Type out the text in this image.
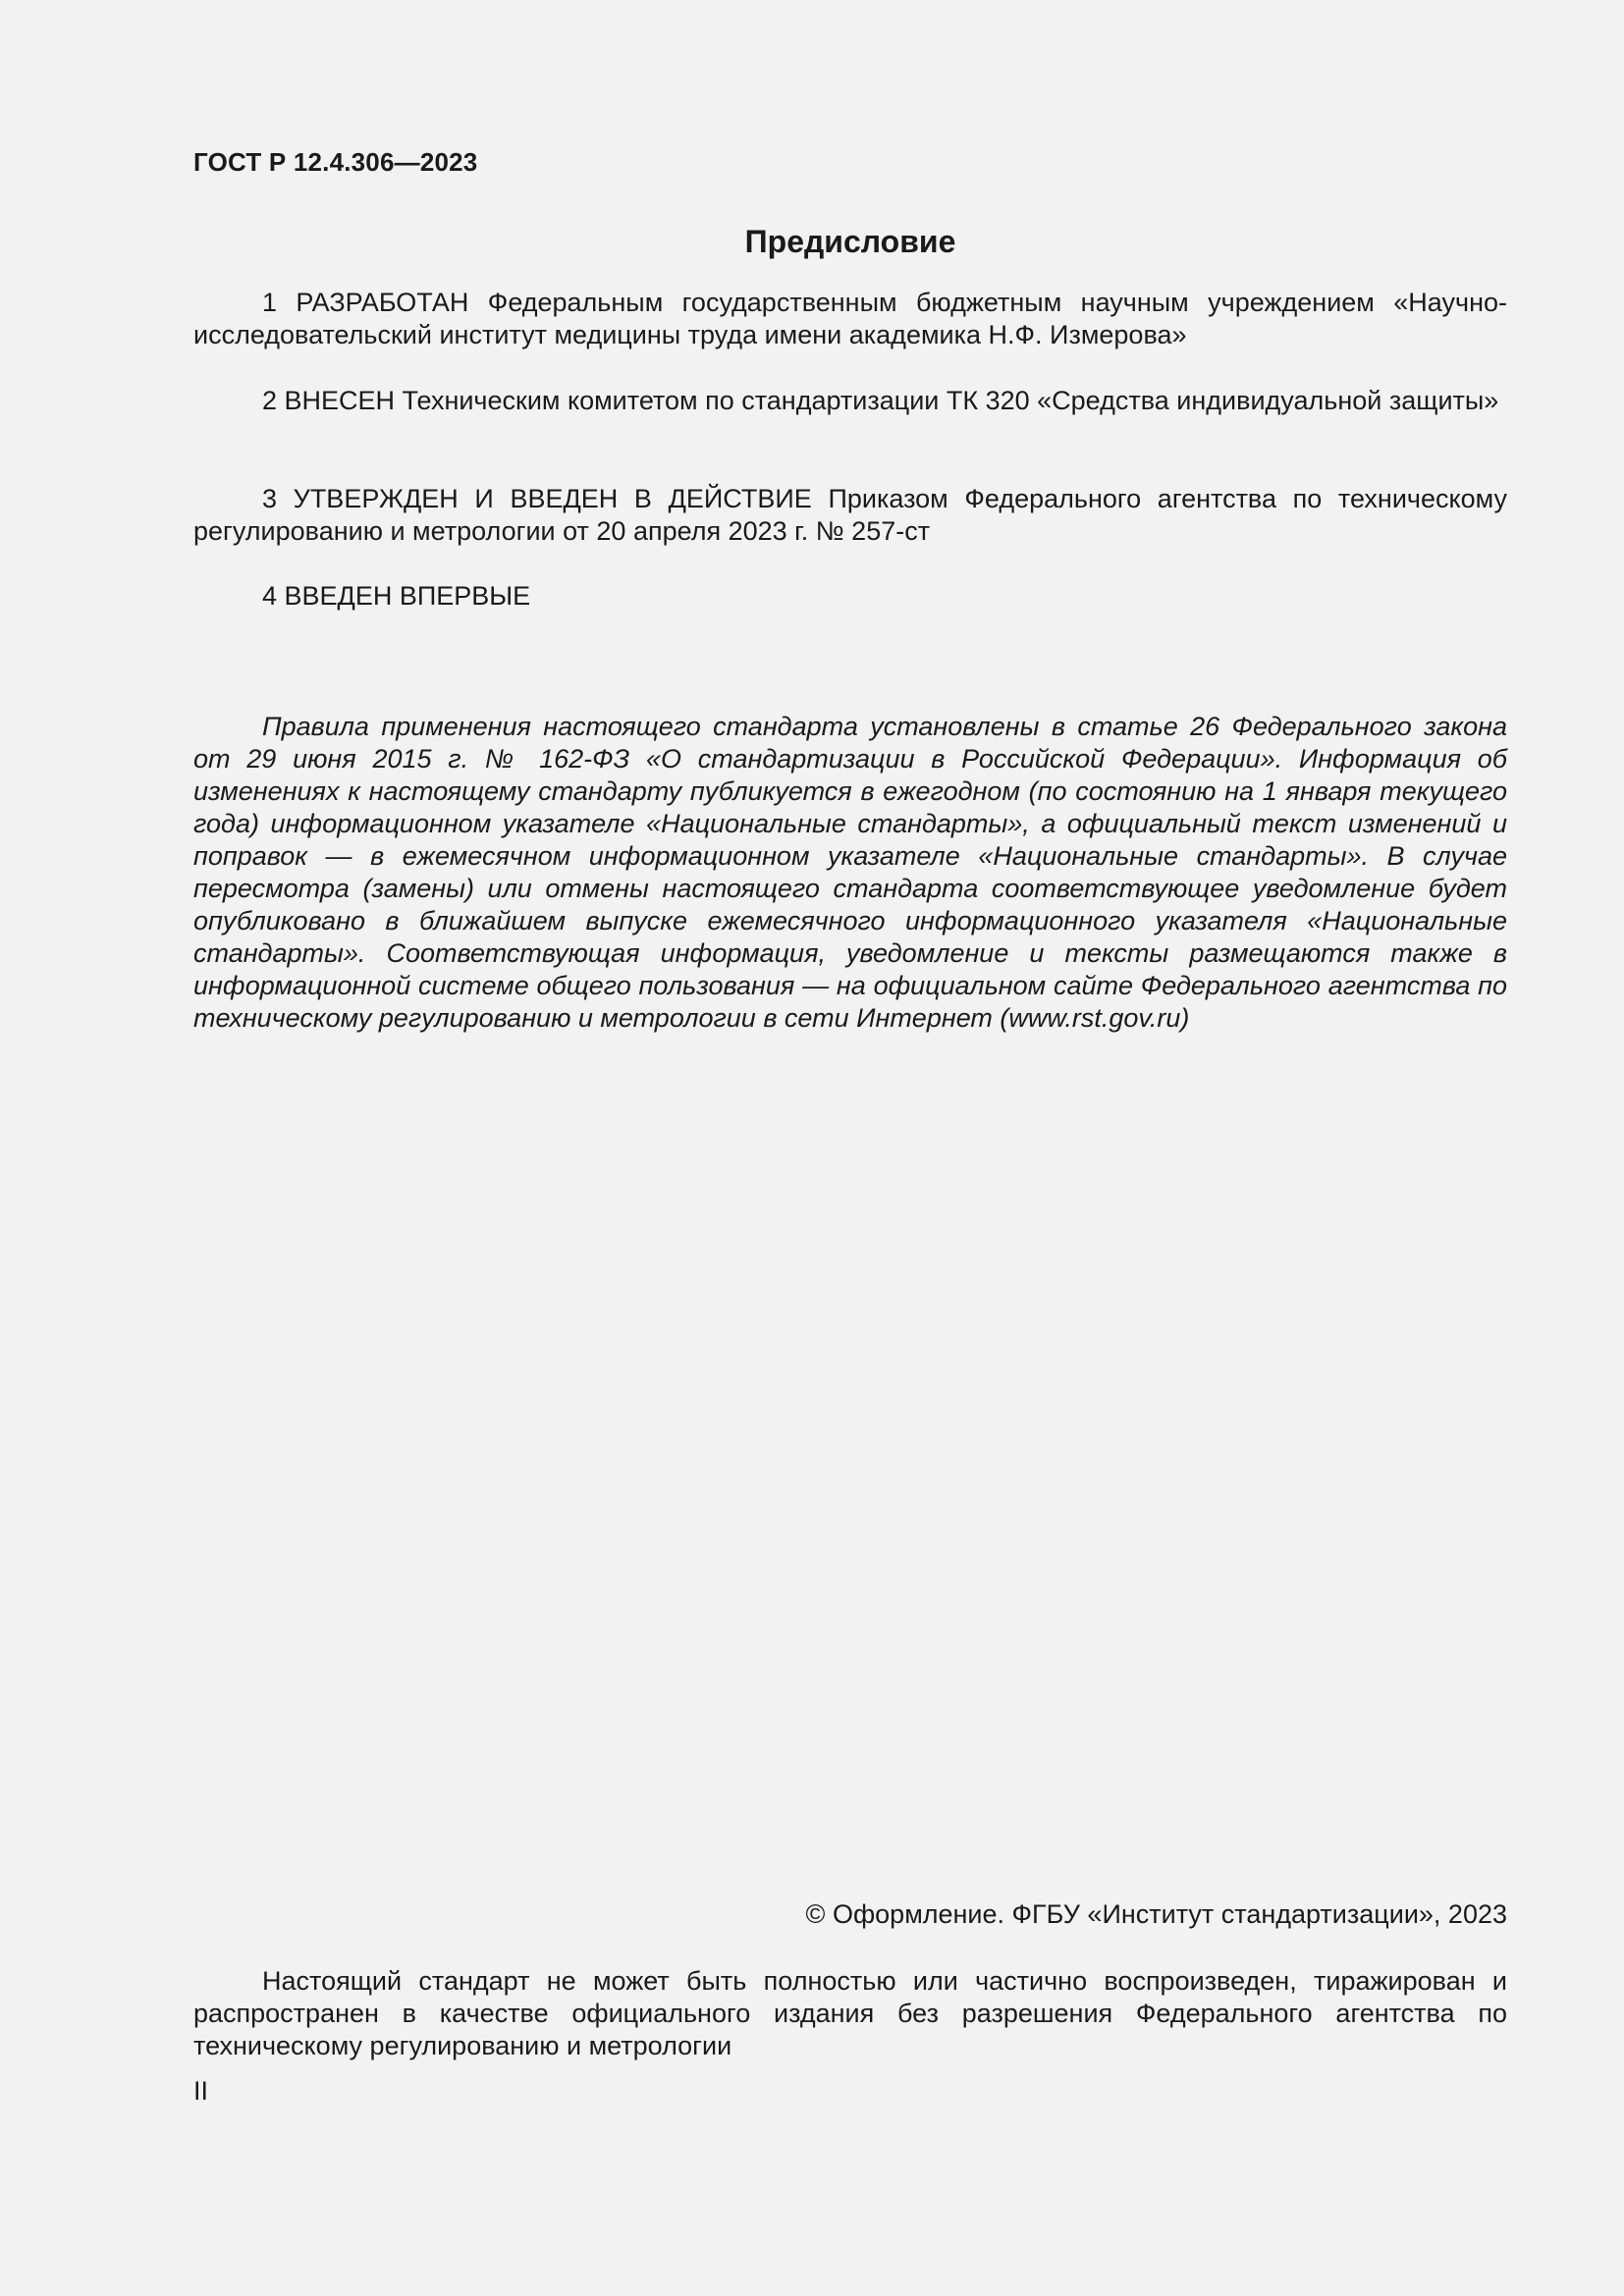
ГОСТ Р 12.4.306—2023
Предисловие

1 РАЗРАБОТАН Федеральным государственным бюджетным научным учреждением «Научно-исследовательский институт медицины труда имени академика Н.Ф. Измерова»

2 ВНЕСЕН Техническим комитетом по стандартизации ТК 320 «Средства индивидуальной защиты»

3 УТВЕРЖДЕН И ВВЕДЕН В ДЕЙСТВИЕ Приказом Федерального агентства по техническому регулированию и метрологии от 20 апреля 2023 г. № 257-ст

4 ВВЕДЕН ВПЕРВЫЕ

Правила применения настоящего стандарта установлены в статье 26 Федерального закона от 29 июня 2015 г. № 162-ФЗ «О стандартизации в Российской Федерации». Информация об изменениях к настоящему стандарту публикуется в ежегодном (по состоянию на 1 января текущего года) информационном указателе «Национальные стандарты», а официальный текст изменений и поправок — в ежемесячном информационном указателе «Национальные стандарты». В случае пересмотра (замены) или отмены настоящего стандарта соответствующее уведомление будет опубликовано в ближайшем выпуске ежемесячного информационного указателя «Национальные стандарты». Соответствующая информация, уведомление и тексты размещаются также в информационной системе общего пользования — на официальном сайте Федерального агентства по техническому регулированию и метрологии в сети Интернет (www.rst.gov.ru)

© Оформление. ФГБУ «Институт стандартизации», 2023

Настоящий стандарт не может быть полностью или частично воспроизведен, тиражирован и распространен в качестве официального издания без разрешения Федерального агентства по техническому регулированию и метрологии

II
